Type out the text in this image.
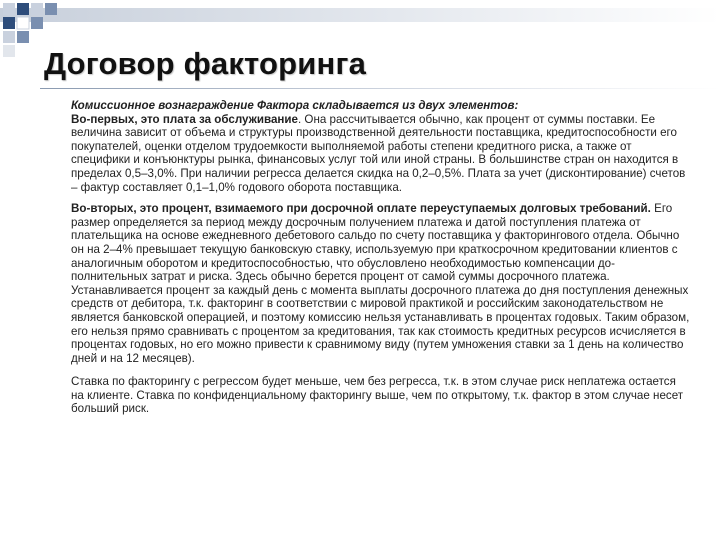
Договор факторинга

Комиссионное вознаграждение Фактора складывается из двух элементов:

Во-первых, это плата за обслуживание. Она рассчитывается обычно, как процент от суммы поставки. Ее величина зависит от объема и структуры производственной деятельности поставщика, кредитоспособности его покупателей, оценки отделом трудоемкости выполняемой работы степени кредитного риска, а также от специфики и конъюнктуры рынка, финансовых услуг той или иной страны. В большинстве стран он находится в пределах 0,5–3,0%. При наличии регресса делается скидка на 0,2–0,5%. Плата за учет (дисконтирование) счетов – фактур составляет 0,1–1,0% годового оборота поставщика.

Во-вторых, это процент, взимаемого при досрочной оплате переуступаемых долговых требований. Его размер определяется за период между досрочным получением платежа и датой поступления платежа от плательщика на основе ежедневного дебетового сальдо по счету поставщика у факторингового отдела. Обычно он на 2–4% превышает текущую банковскую ставку, используемую при краткосрочном кредитовании клиентов с аналогичным оборотом и кредитоспособностью, что обусловлено необходимостью компенсации до-полнительных затрат и риска. Здесь обычно берется процент от самой суммы досрочного платежа. Устанавливается процент за каждый день с момента выплаты досрочного платежа до дня поступления денежных средств от дебитора, т.к. факторинг в соответствии с мировой практикой и российским законодательством не является банковской операцией, и поэтому комиссию нельзя устанавливать в процентах годовых. Таким образом, его нельзя прямо сравнивать с процентом за кредитования, так как стоимость кредитных ресурсов исчисляется в процентах годовых, но его можно привести к сравнимому виду (путем умножения ставки за 1 день на количество дней и на 12 месяцев).

Ставка по факторингу с регрессом будет меньше, чем без регресса, т.к. в этом случае риск неплатежа остается на клиенте. Ставка по конфиденциальному факторингу выше, чем по открытому, т.к. фактор в этом случае несет больший риск.
